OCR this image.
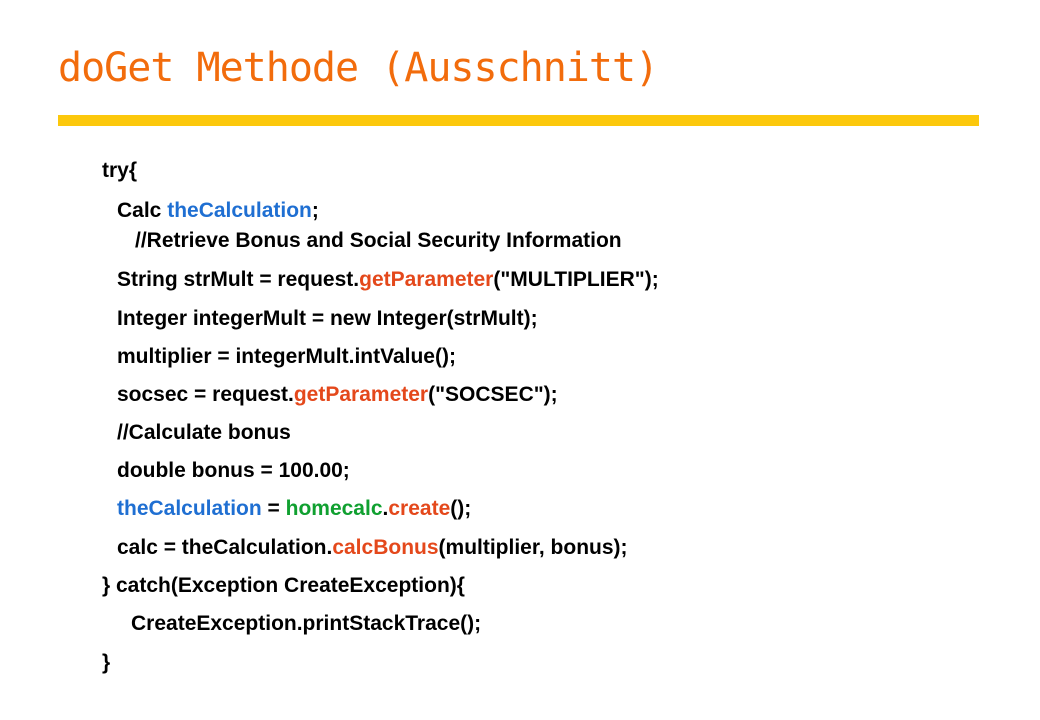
doGet Methode (Ausschnitt)

try{

Calc theCalculation;

//Retrieve Bonus and Social Security Information

String strMult = request.getParameter("MULTIPLIER");

Integer integerMult = new Integer(strMult);

multiplier = integerMult.intValue();

socsec = request.getParameter("SOCSEC");

//Calculate bonus

double bonus = 100.00;

theCalculation = homecalc.create();

calc = theCalculation.calcBonus(multiplier, bonus);

} catch(Exception CreateException){

CreateException.printStackTrace();

}
